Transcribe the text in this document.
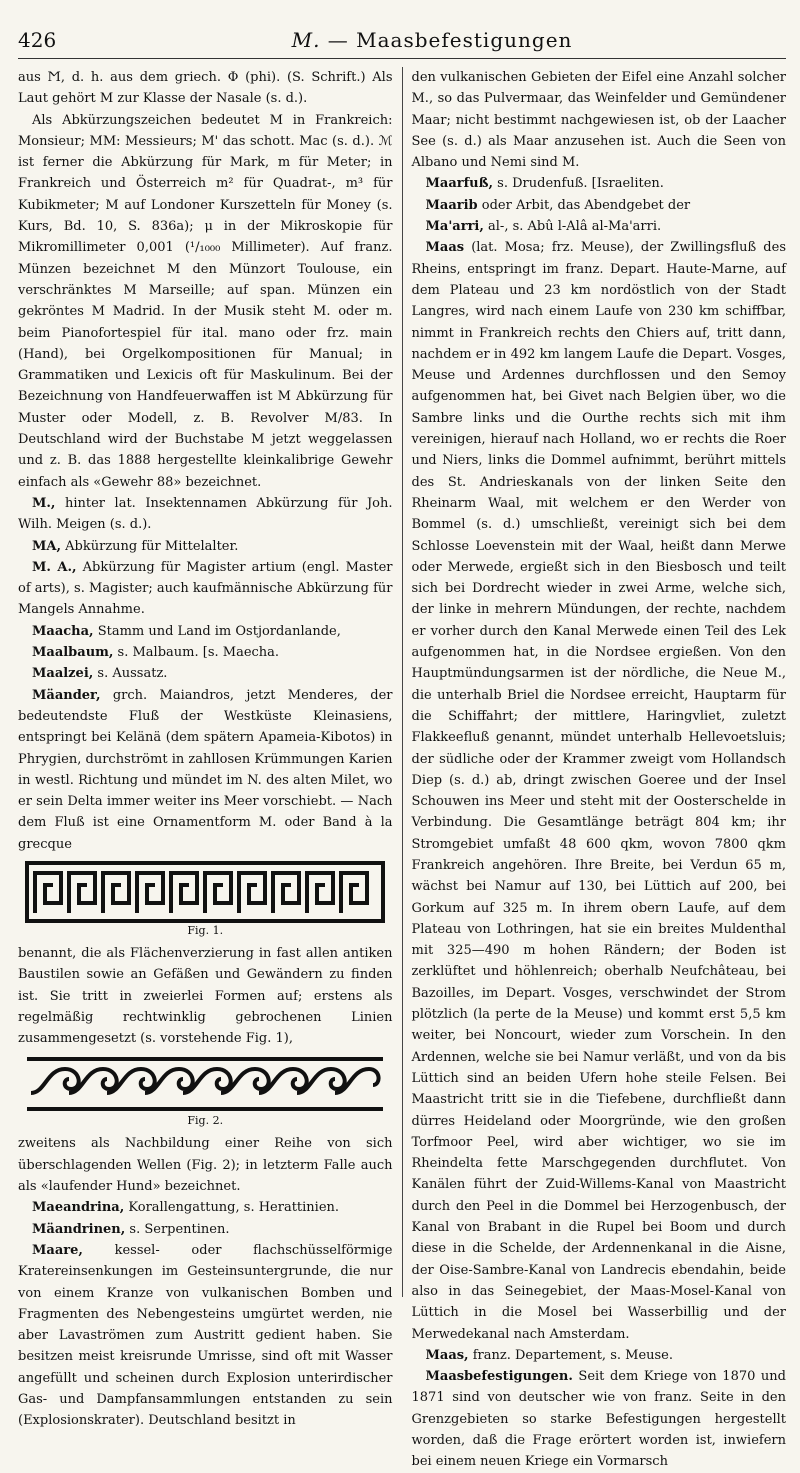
426	M. — Maasbefestigungen

aus Ϻ, d. h. aus dem griech. Φ (phi). (S. Schrift.) Als Laut gehört M zur Klasse der Nasale (s. d.).

Als Abkürzungszeichen bedeutet M in Frankreich: Monsieur; MM: Messieurs; M' das schott. Mac (s. d.). ℳ ist ferner die Abkürzung für Mark, m für Meter; in Frankreich und Österreich m² für Quadrat-, m³ für Kubikmeter; M auf Londoner Kurszetteln für Money (s. Kurs, Bd. 10, S. 836a); μ in der Mikroskopie für Mikromillimeter 0,001 (¹/₁₀₀₀ Millimeter). Auf franz. Münzen bezeichnet M den Münzort Toulouse, ein verschränktes M Marseille; auf span. Münzen ein gekröntes M Madrid. In der Musik steht M. oder m. beim Pianofortespiel für ital. mano oder frz. main (Hand), bei Orgelkompositionen für Manual; in Grammatiken und Lexicis oft für Maskulinum. Bei der Bezeichnung von Handfeuerwaffen ist M Abkürzung für Muster oder Modell, z. B. Revolver M/83. In Deutschland wird der Buchstabe M jetzt weggelassen und z. B. das 1888 hergestellte kleinkalibrige Gewehr einfach als «Gewehr 88» bezeichnet.

M., hinter lat. Insektennamen Abkürzung für Joh. Wilh. Meigen (s. d.).

MA, Abkürzung für Mittelalter.

M. A., Abkürzung für Magister artium (engl. Master of arts), s. Magister; auch kaufmännische Abkürzung für Mangels Annahme.

Maacha, Stamm und Land im Ostjordanlande,

Maalbaum, s. Malbaum. [s. Maecha.

Maalzei, s. Aussatz.

Mäander, grch. Maiandros, jetzt Menderes, der bedeutendste Fluß der Westküste Kleinasiens, entspringt bei Kelänä (dem spätern Apameia-Kibotos) in Phrygien, durchströmt in zahllosen Krümmungen Karien in westl. Richtung und mündet im N. des alten Milet, wo er sein Delta immer weiter ins Meer vorschiebt. — Nach dem Fluß ist eine Ornamentform M. oder Band à la grecque

Fig. 1.

benannt, die als Flächenverzierung in fast allen antiken Baustilen sowie an Gefäßen und Gewändern zu finden ist. Sie tritt in zweierlei Formen auf; erstens als regelmäßig rechtwinklig gebrochenen Linien zusammengesetzt (s. vorstehende Fig. 1),

Fig. 2.

zweitens als Nachbildung einer Reihe von sich überschlagenden Wellen (Fig. 2); in letzterm Falle auch als «laufender Hund» bezeichnet.

Maeandrina, Korallengattung, s. Herattinien.

Mäandrinen, s. Serpentinen.

Maare, kessel- oder flachschüsselförmige Kratereinsenkungen im Gesteinsuntergrunde, die nur von einem Kranze von vulkanischen Bomben und Fragmenten des Nebengesteins umgürtet werden, nie aber Lavaströmen zum Austritt gedient haben. Sie besitzen meist kreisrunde Umrisse, sind oft mit Wasser angefüllt und scheinen durch Explosion unterirdischer Gas- und Dampfansammlungen entstanden zu sein (Explosionskrater). Deutschland besitzt in

den vulkanischen Gebieten der Eifel eine Anzahl solcher M., so das Pulvermaar, das Weinfelder und Gemündener Maar; nicht bestimmt nachgewiesen ist, ob der Laacher See (s. d.) als Maar anzusehen ist. Auch die Seen von Albano und Nemi sind M.

Maarfuß, s. Drudenfuß. [Israeliten.

Maarib oder Arbit, das Abendgebet der

Ma'arri, al-, s. Abû l-Alâ al-Ma'arri.

Maas (lat. Mosa; frz. Meuse), der Zwillingsfluß des Rheins, entspringt im franz. Depart. Haute-Marne, auf dem Plateau und 23 km nordöstlich von der Stadt Langres, wird nach einem Laufe von 230 km schiffbar, nimmt in Frankreich rechts den Chiers auf, tritt dann, nachdem er in 492 km langem Laufe die Depart. Vosges, Meuse und Ardennes durchflossen und den Semoy aufgenommen hat, bei Givet nach Belgien über, wo die Sambre links und die Ourthe rechts sich mit ihm vereinigen, hierauf nach Holland, wo er rechts die Roer und Niers, links die Dommel aufnimmt, berührt mittels des St. Andrieskanals von der linken Seite den Rheinarm Waal, mit welchem er den Werder von Bommel (s. d.) umschließt, vereinigt sich bei dem Schlosse Loevenstein mit der Waal, heißt dann Merwe oder Merwede, ergießt sich in den Biesbosch und teilt sich bei Dordrecht wieder in zwei Arme, welche sich, der linke in mehrern Mündungen, der rechte, nachdem er vorher durch den Kanal Merwede einen Teil des Lek aufgenommen hat, in die Nordsee ergießen. Von den Hauptmündungsarmen ist der nördliche, die Neue M., die unterhalb Briel die Nordsee erreicht, Hauptarm für die Schiffahrt; der mittlere, Haringvliet, zuletzt Flakkeefluß genannt, mündet unterhalb Hellevoetsluis; der südliche oder der Krammer zweigt vom Hollandsch Diep (s. d.) ab, dringt zwischen Goeree und der Insel Schouwen ins Meer und steht mit der Oosterschelde in Verbindung. Die Gesamtlänge beträgt 804 km; ihr Stromgebiet umfaßt 48 600 qkm, wovon 7800 qkm Frankreich angehören. Ihre Breite, bei Verdun 65 m, wächst bei Namur auf 130, bei Lüttich auf 200, bei Gorkum auf 325 m. In ihrem obern Laufe, auf dem Plateau von Lothringen, hat sie ein breites Muldenthal mit 325—490 m hohen Rändern; der Boden ist zerklüftet und höhlenreich; oberhalb Neufchâteau, bei Bazoilles, im Depart. Vosges, verschwindet der Strom plötzlich (la perte de la Meuse) und kommt erst 5,5 km weiter, bei Noncourt, wieder zum Vorschein. In den Ardennen, welche sie bei Namur verläßt, und von da bis Lüttich sind an beiden Ufern hohe steile Felsen. Bei Maastricht tritt sie in die Tiefebene, durchfließt dann dürres Heideland oder Moorgründe, wie den großen Torfmoor Peel, wird aber wichtiger, wo sie im Rheindelta fette Marschgegenden durchflutet. Von Kanälen führt der Zuid-Willems-Kanal von Maastricht durch den Peel in die Dommel bei Herzogenbusch, der Kanal von Brabant in die Rupel bei Boom und durch diese in die Schelde, der Ardennenkanal in die Aisne, der Oise-Sambre-Kanal von Landrecis ebendahin, beide also in das Seinegebiet, der Maas-Mosel-Kanal von Lüttich in die Mosel bei Wasserbillig und der Merwedekanal nach Amsterdam.

Maas, franz. Departement, s. Meuse.

Maasbefestigungen. Seit dem Kriege von 1870 und 1871 sind von deutscher wie von franz. Seite in den Grenzgebieten so starke Befestigungen hergestellt worden, daß die Frage erörtert worden ist, inwiefern bei einem neuen Kriege ein Vormarsch
